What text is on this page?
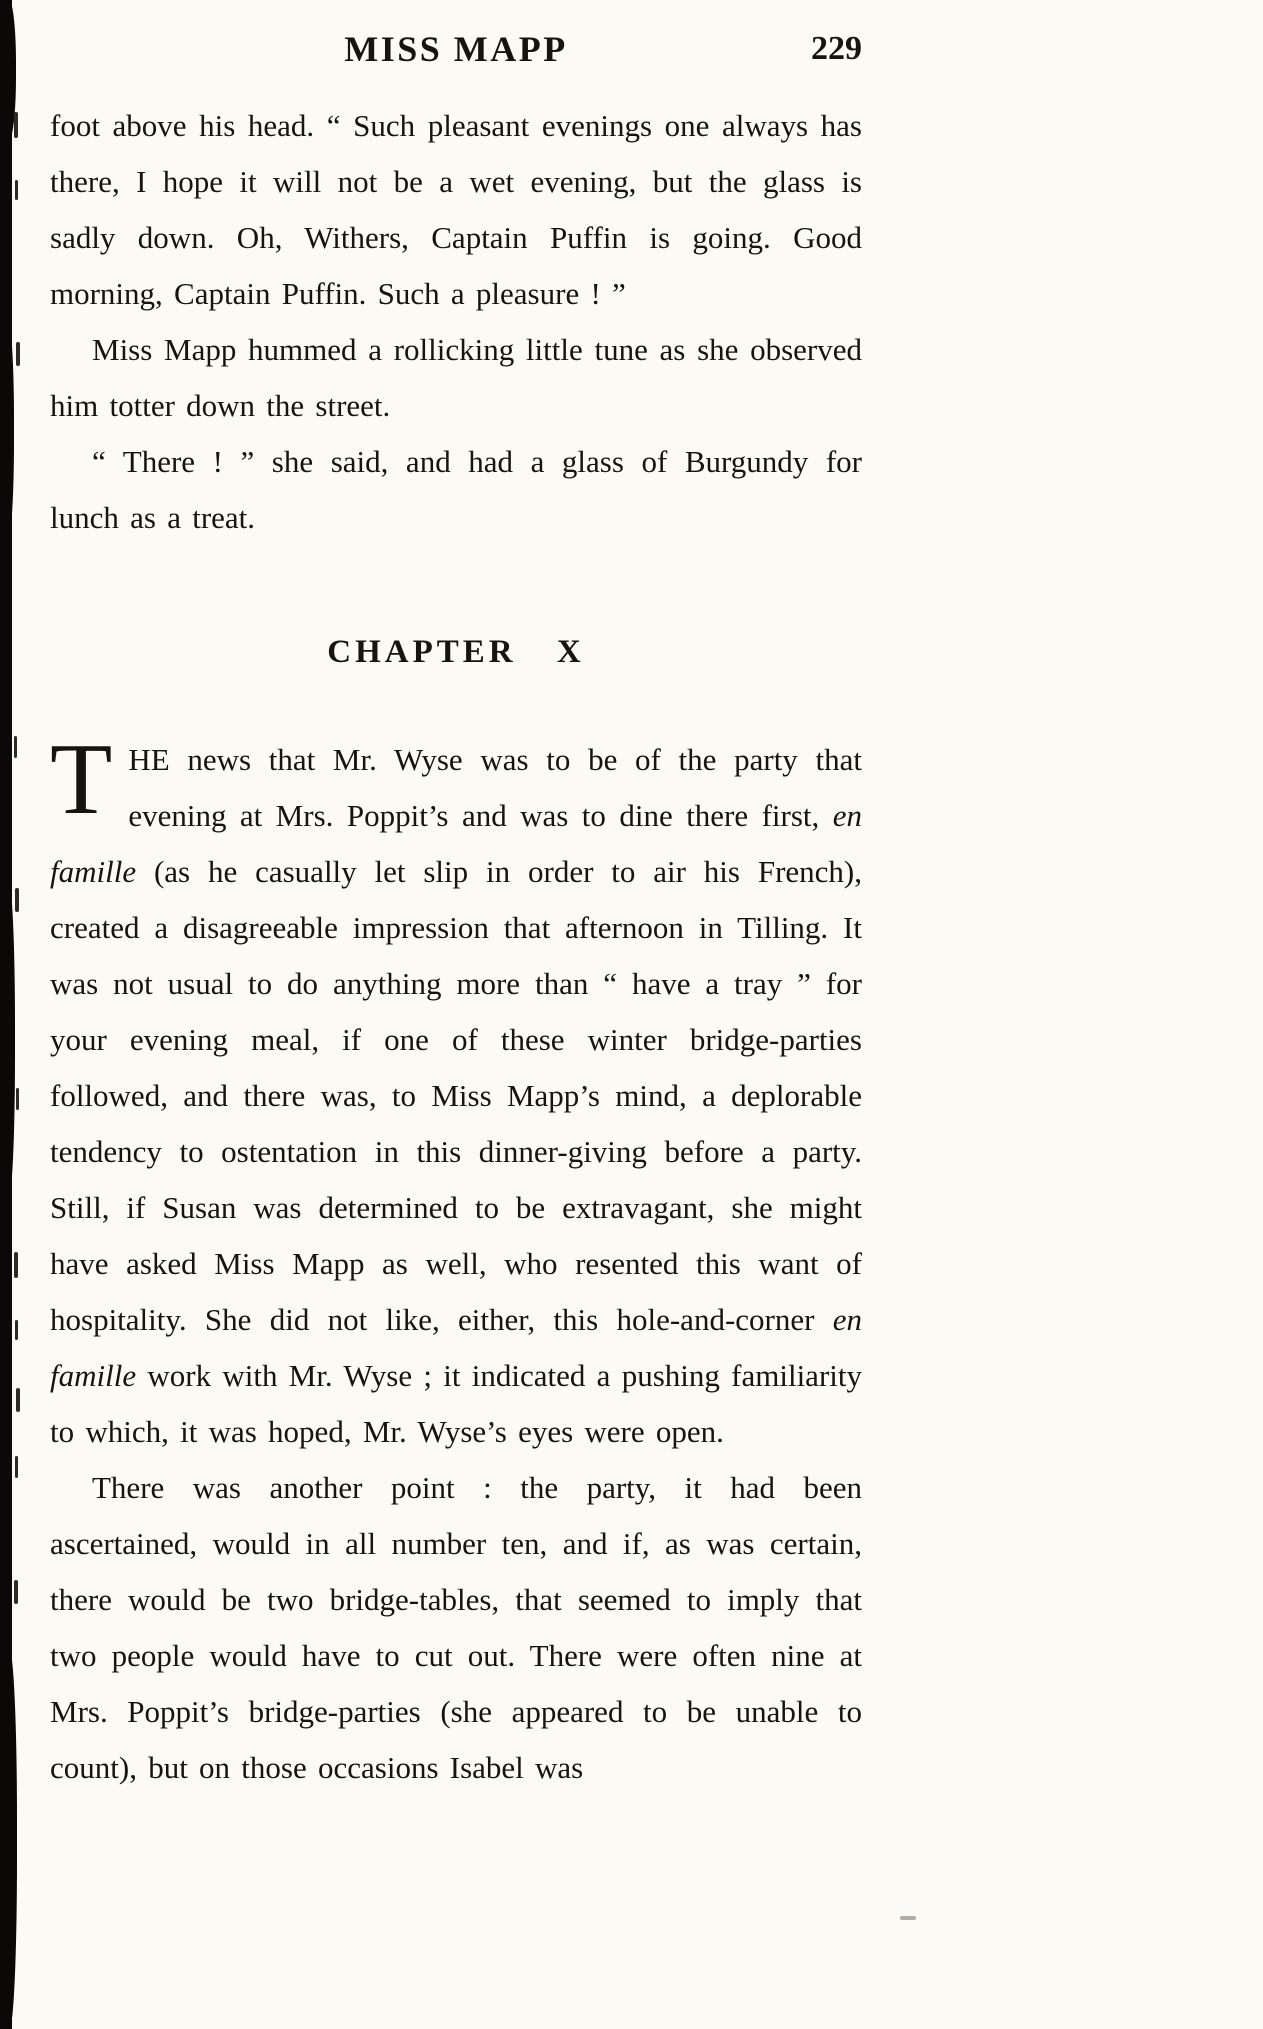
MISS MAPP	229

foot above his head. “ Such pleasant evenings one always has there, I hope it will not be a wet evening, but the glass is sadly down. Oh, Withers, Captain Puffin is going. Good morning, Captain Puffin. Such a pleasure ! ”

Miss Mapp hummed a rollicking little tune as she observed him totter down the street.

“ There ! ” she said, and had a glass of Burgundy for lunch as a treat.

CHAPTER X

THE news that Mr. Wyse was to be of the party that evening at Mrs. Poppit’s and was to dine there first, en famille (as he casually let slip in order to air his French), created a disagreeable impression that afternoon in Tilling. It was not usual to do anything more than “ have a tray ” for your evening meal, if one of these winter bridge-parties followed, and there was, to Miss Mapp’s mind, a deplorable tendency to ostentation in this dinner-giving before a party. Still, if Susan was determined to be extravagant, she might have asked Miss Mapp as well, who resented this want of hospitality. She did not like, either, this hole-and-corner en famille work with Mr. Wyse ; it indicated a pushing familiarity to which, it was hoped, Mr. Wyse’s eyes were open.

There was another point : the party, it had been ascertained, would in all number ten, and if, as was certain, there would be two bridge-tables, that seemed to imply that two people would have to cut out. There were often nine at Mrs. Poppit’s bridge-parties (she appeared to be unable to count), but on those occasions Isabel was
